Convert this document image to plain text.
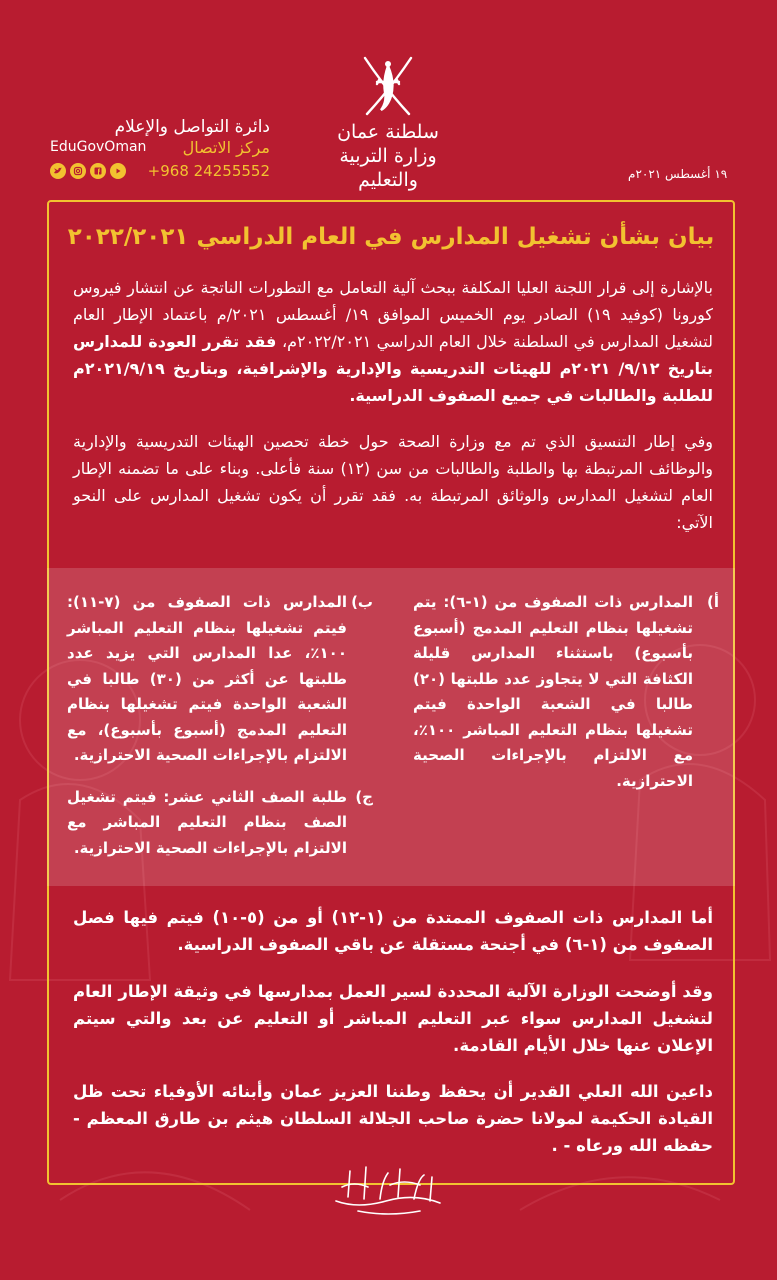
دائرة التواصل والإعلام
مركز الاتصال
EduGovOman
+968 24255552
سلطنة عمان
وزارة التربية والتعليم	١٩ أغسطس ٢٠٢١م
بيان بشأن تشغيل المدارس في العام الدراسي ٢٠٢٢/٢٠٢١
بالإشارة إلى قرار اللجنة العليا المكلفة ببحث آلية التعامل مع التطورات الناتجة عن انتشار فيروس كورونا (كوفيد ١٩) الصادر يوم الخميس الموافق ١٩/ أغسطس ٢٠٢١/م باعتماد الإطار العام لتشغيل المدارس في السلطنة خلال العام الدراسي ٢٠٢٢/٢٠٢١م، فقد تقرر العودة للمدارس بتاريخ ٩/١٢/ ٢٠٢١م للهيئات التدريسية والإدارية والإشرافية، وبتاريخ ٢٠٢١/٩/١٩م للطلبة والطالبات في جميع الصفوف الدراسية.
وفي إطار التنسيق الذي تم مع وزارة الصحة حول خطة تحصين الهيئات التدريسية والإدارية والوظائف المرتبطة بها والطلبة والطالبات من سن (١٢) سنة فأعلى. وبناء على ما تضمنه الإطار العام لتشغيل المدارس والوثائق المرتبطة به. فقد تقرر أن يكون تشغيل المدارس على النحو الآتي:
أ)
المدارس ذات الصفوف من (١-٦): يتم تشغيلها بنظام التعليم المدمج (أسبوع بأسبوع) باستثناء المدارس قليلة الكثافة التي لا يتجاوز عدد طلبتها (٢٠) طالبا في الشعبة الواحدة فيتم تشغيلها بنظام التعليم المباشر ١٠٠٪، مع الالتزام بالإجراءات الصحية الاحترازية.
ب)
المدارس ذات الصفوف من (٧-١١): فيتم تشغيلها بنظام التعليم المباشر ١٠٠٪، عدا المدارس التي يزيد عدد طلبتها عن أكثر من (٣٠) طالبا في الشعبة الواحدة فيتم تشغيلها بنظام التعليم المدمج (أسبوع بأسبوع)، مع الالتزام بالإجراءات الصحية الاحترازية.
ج)
طلبة الصف الثاني عشر: فيتم تشغيل الصف بنظام التعليم المباشر مع الالتزام بالإجراءات الصحية الاحترازية.
أما المدارس ذات الصفوف الممتدة من (١-١٢) أو من (٥-١٠) فيتم فيها فصل الصفوف من (١-٦) في أجنحة مستقلة عن باقي الصفوف الدراسية.
وقد أوضحت الوزارة الآلية المحددة لسير العمل بمدارسها في وثيقة الإطار العام لتشغيل المدارس سواء عبر التعليم المباشر أو التعليم عن بعد والتي سيتم الإعلان عنها خلال الأيام القادمة.
داعين الله العلي القدير أن يحفظ وطننا العزيز عمان وأبنائه الأوفياء تحت ظل القيادة الحكيمة لمولانا حضرة صاحب الجلالة السلطان هيثم بن طارق المعظم - حفظه الله ورعاه - .
